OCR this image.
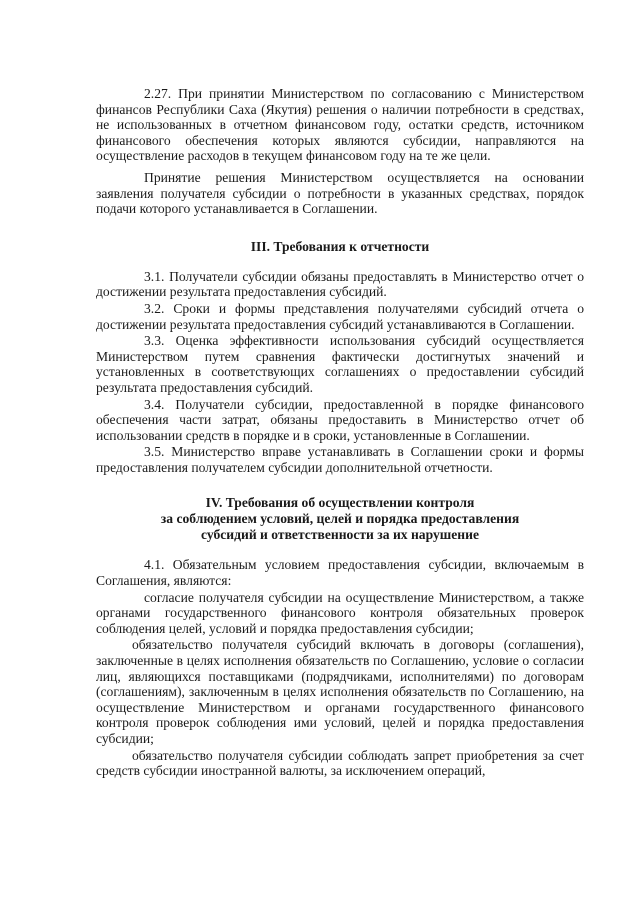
2.27. При принятии Министерством по согласованию с Министерством финансов Республики Саха (Якутия) решения о наличии потребности в средствах, не использованных в отчетном финансовом году, остатки средств, источником финансового обеспечения которых являются субсидии, направляются на осуществление расходов в текущем финансовом году на те же цели.

Принятие решения Министерством осуществляется на основании заявления получателя субсидии о потребности в указанных средствах, порядок подачи которого устанавливается в Соглашении.

III. Требования к отчетности

3.1. Получатели субсидии обязаны предоставлять в Министерство отчет о достижении результата предоставления субсидий.

3.2. Сроки и формы представления получателями субсидий отчета о достижении результата предоставления субсидий устанавливаются в Соглашении.

3.3. Оценка эффективности использования субсидий осуществляется Министерством путем сравнения фактически достигнутых значений и установленных в соответствующих соглашениях о предоставлении субсидий результата предоставления субсидий.

3.4. Получатели субсидии, предоставленной в порядке финансового обеспечения части затрат, обязаны предоставить в Министерство отчет об использовании средств в порядке и в сроки, установленные в Соглашении.

3.5. Министерство вправе устанавливать в Соглашении сроки и формы предоставления получателем субсидии дополнительной отчетности.

IV. Требования об осуществлении контроля

за соблюдением условий, целей и порядка предоставления

субсидий и ответственности за их нарушение

4.1. Обязательным условием предоставления субсидии, включаемым в Соглашения, являются:

согласие получателя субсидии на осуществление Министерством, а также органами государственного финансового контроля обязательных проверок соблюдения целей, условий и порядка предоставления субсидии;

обязательство получателя субсидий включать в договоры (соглашения), заключенные в целях исполнения обязательств по Соглашению, условие о согласии лиц, являющихся поставщиками (подрядчиками, исполнителями) по договорам (соглашениям), заключенным в целях исполнения обязательств по Соглашению, на осуществление Министерством и органами государственного финансового контроля проверок соблюдения ими условий, целей и порядка предоставления субсидии;

обязательство получателя субсидии соблюдать запрет приобретения за счет средств субсидии иностранной валюты, за исключением операций,
